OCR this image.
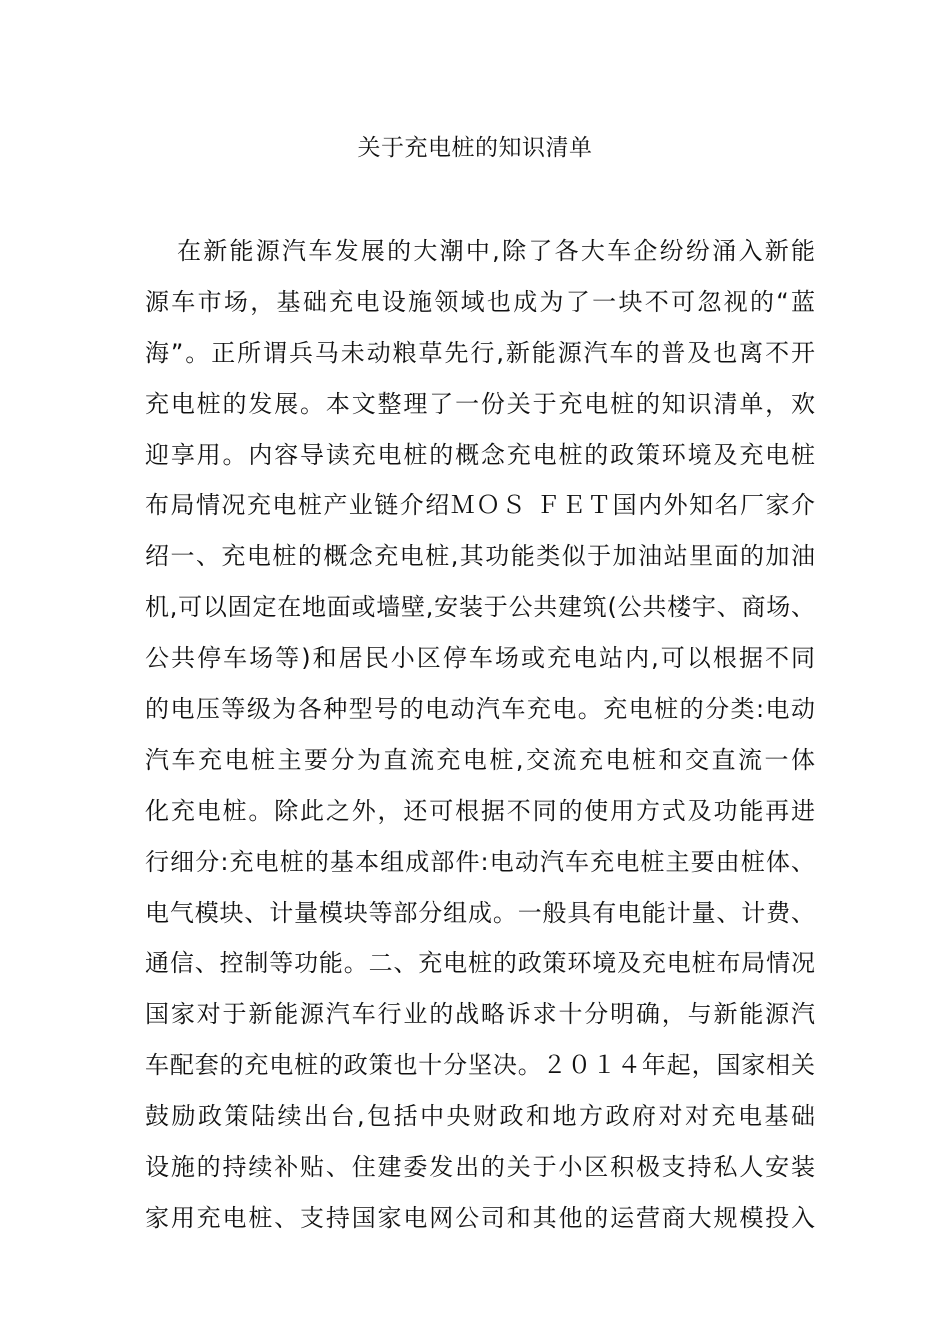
关于充电桩的知识清单
在新能源汽车发展的大潮中,除了各大车企纷纷涌入新能
源车市场，基础充电设施领域也成为了一块不可忽视的“蓝
海”。正所谓兵马未动粮草先行,新能源汽车的普及也离不开
充电桩的发展。本文整理了一份关于充电桩的知识清单，欢
迎享用。内容导读充电桩的概念充电桩的政策环境及充电桩
布局情况充电桩产业链介绍ＭＯＳ ＦＥＴ国内外知名厂家介
绍一、充电桩的概念充电桩,其功能类似于加油站里面的加油
机,可以固定在地面或墙壁,安装于公共建筑(公共楼宇、商场、
公共停车场等)和居民小区停车场或充电站内,可以根据不同
的电压等级为各种型号的电动汽车充电。充电桩的分类:电动
汽车充电桩主要分为直流充电桩,交流充电桩和交直流一体
化充电桩。除此之外，还可根据不同的使用方式及功能再进
行细分:充电桩的基本组成部件:电动汽车充电桩主要由桩体、
电气模块、计量模块等部分组成。一般具有电能计量、计费、
通信、控制等功能。二、充电桩的政策环境及充电桩布局情况
国家对于新能源汽车行业的战略诉求十分明确，与新能源汽
车配套的充电桩的政策也十分坚决。２０１４年起，国家相关
鼓励政策陆续出台,包括中央财政和地方政府对对充电基础
设施的持续补贴、住建委发出的关于小区积极支持私人安装
家用充电桩、支持国家电网公司和其他的运营商大规模投入
